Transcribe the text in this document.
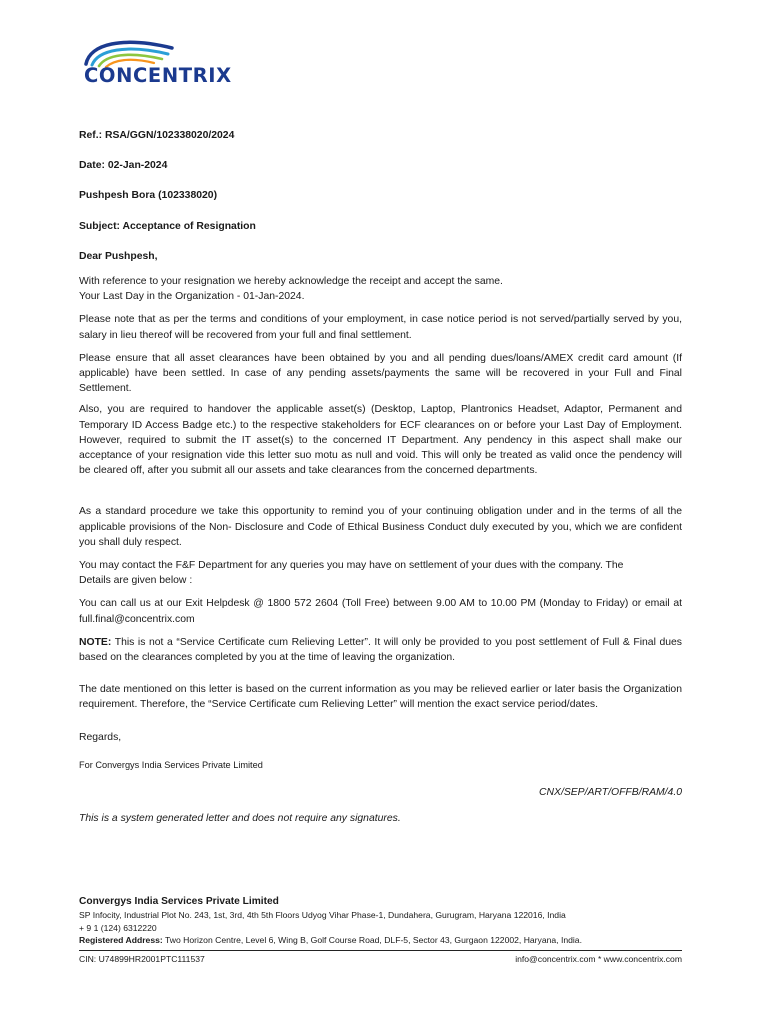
CONCENTRIX

Ref.: RSA/GGN/102338020/2024

Date: 02-Jan-2024

Pushpesh Bora (102338020)

Subject: Acceptance of Resignation

Dear Pushpesh,

With reference to your resignation we hereby acknowledge the receipt and accept the same.

Your Last Day in the Organization - 01-Jan-2024.

Please note that as per the terms and conditions of your employment, in case notice period is not served/partially served by you, salary in lieu thereof will be recovered from your full and final settlement.

Please ensure that all asset clearances have been obtained by you and all pending dues/loans/AMEX credit card amount (If applicable) have been settled. In case of any pending assets/payments the same will be recovered in your Full and Final Settlement.

Also, you are required to handover the applicable asset(s) (Desktop, Laptop, Plantronics Headset, Adaptor, Permanent and Temporary ID Access Badge etc.) to the respective stakeholders for ECF clearances on or before your Last Day of Employment. However, required to submit the IT asset(s) to the concerned IT Department. Any pendency in this aspect shall make our acceptance of your resignation vide this letter suo motu as null and void. This will only be treated as valid once the pendency will be cleared off, after you submit all our assets and take clearances from the concerned departments.

As a standard procedure we take this opportunity to remind you of your continuing obligation under and in the terms of all the applicable provisions of the Non- Disclosure and Code of Ethical Business Conduct duly executed by you, which we are confident you shall duly respect.

You may contact the F&F Department for any queries you may have on settlement of your dues with the company. The

Details are given below :

You can call us at our Exit Helpdesk @ 1800 572 2604 (Toll Free) between 9.00 AM to 10.00 PM (Monday to Friday) or email at full.final@concentrix.com

NOTE: This is not a “Service Certificate cum Relieving Letter”. It will only be provided to you post settlement of Full & Final dues based on the clearances completed by you at the time of leaving the organization.

The date mentioned on this letter is based on the current information as you may be relieved earlier or later basis the Organization requirement. Therefore, the “Service Certificate cum Relieving Letter” will mention the exact service period/dates.

Regards,

For Convergys India Services Private Limited

CNX/SEP/ART/OFFB/RAM/4.0

This is a system generated letter and does not require any signatures.

Convergys India Services Private Limited
SP Infocity, Industrial Plot No. 243, 1st, 3rd, 4th 5th Floors Udyog Vihar Phase-1, Dundahera, Gurugram, Haryana 122016, India
+ 9 1 (124) 6312220
Registered Address: Two Horizon Centre, Level 6, Wing B, Golf Course Road, DLF-5, Sector 43, Gurgaon 122002, Haryana, India.
CIN: U74899HR2001PTC111537	info@concentrix.com * www.concentrix.com
